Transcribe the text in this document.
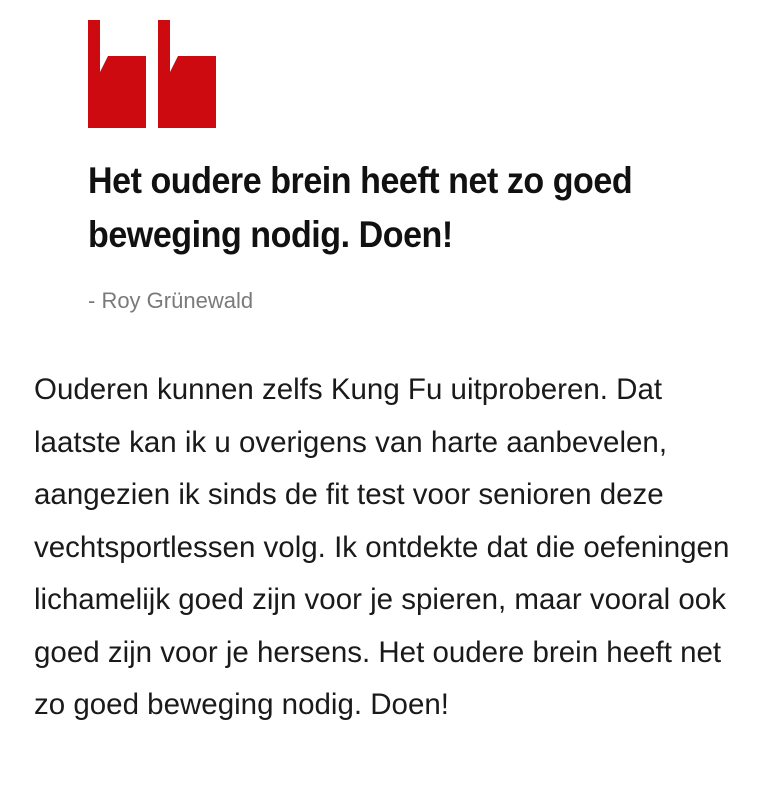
Het oudere brein heeft net zo goed beweging nodig. Doen!

- Roy Grünewald

Ouderen kunnen zelfs Kung Fu uitproberen. Dat laatste kan ik u overigens van harte aanbevelen, aangezien ik sinds de fit test voor senioren deze vechtsportlessen volg. Ik ontdekte dat die oefeningen lichamelijk goed zijn voor je spieren, maar vooral ook goed zijn voor je hersens. Het oudere brein heeft net zo goed beweging nodig. Doen!
